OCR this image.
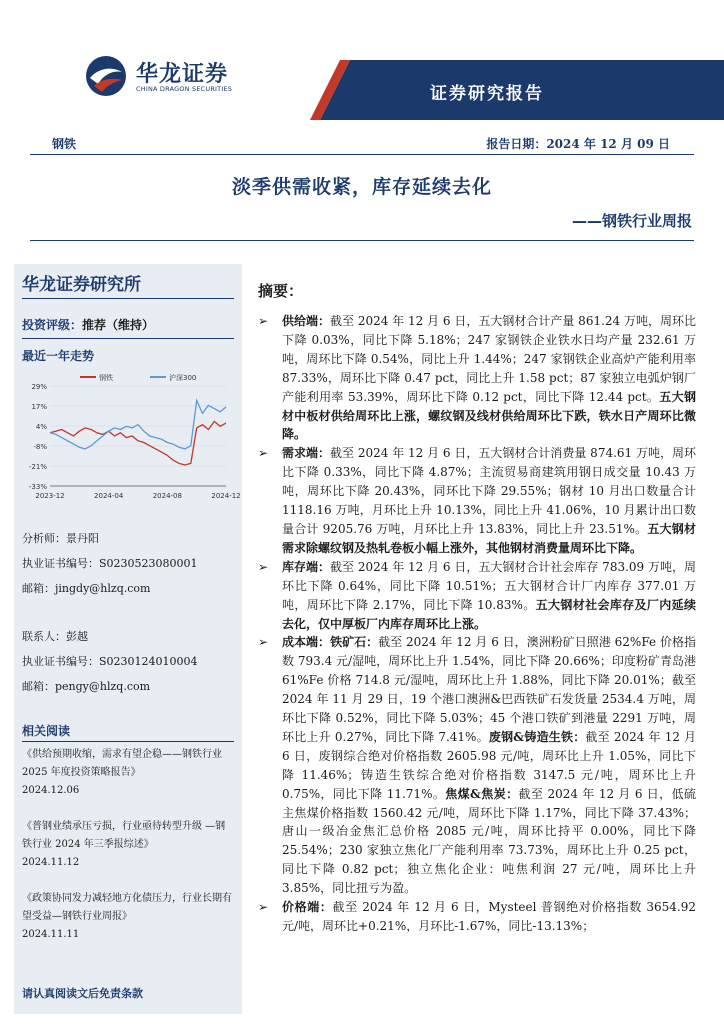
华龙证券
CHINA DRAGON SECURITIES	证券研究报告
钢铁	报告日期：2024 年 12 月 09 日
淡季供需收紧，库存延续去化
——钢铁行业周报
华龙证券研究所
投资评级：推荐（维持）
最近一年走势
29%
17%
4%
-8%
-21%
-33%
2023-12	2024-04	2024-08	2024-12
钢铁	沪深300
分析师：景丹阳
执业证书编号：S0230523080001
邮箱：jingdy@hlzq.com
联系人：彭越
执业证书编号：S0230124010004
邮箱：pengy@hlzq.com
相关阅读
《供给预期收缩，需求有望企稳——钢铁行业 2025 年度投资策略报告》
2024.12.06
《普钢业绩承压亏损，行业亟待转型升级 —钢铁行业 2024 年三季报综述》
2024.11.12
《政策协同发力减轻地方化债压力，行业长期有望受益—钢铁行业周报》
2024.11.11
请认真阅读文后免责条款
摘要：
➢ 供给端：截至 2024 年 12 月 6 日，五大钢材合计产量 861.24 万吨，周环比下降 0.03%，同比下降 5.18%；247 家钢铁企业铁水日均产量 232.61 万吨，周环比下降 0.54%，同比上升 1.44%；247 家钢铁企业高炉产能利用率 87.33%，周环比下降 0.47 pct，同比上升 1.58 pct；87 家独立电弧炉钢厂产能利用率 53.39%，周环比下降 0.12 pct，同比下降 12.44 pct。五大钢材中板材供给周环比上涨，螺纹钢及线材供给周环比下跌，铁水日产周环比微降。
➢ 需求端：截至 2024 年 12 月 6 日，五大钢材合计消费量 874.61 万吨，周环比下降 0.33%，同比下降 4.87%；主流贸易商建筑用钢日成交量 10.43 万吨，周环比下降 20.43%，同环比下降 29.55%；钢材 10 月出口数量合计 1118.16 万吨，月环比上升 10.13%，同比上升 41.06%，10 月累计出口数量合计 9205.76 万吨，月环比上升 13.83%，同比上升 23.51%。五大钢材需求除螺纹钢及热轧卷板小幅上涨外，其他钢材消费量周环比下降。
➢ 库存端：截至 2024 年 12 月 6 日，五大钢材合计社会库存 783.09 万吨，周环比下降 0.64%，同比下降 10.51%；五大钢材合计厂内库存 377.01 万吨，周环比下降 2.17%，同比下降 10.83%。五大钢材社会库存及厂内延续去化，仅中厚板厂内库存周环比上涨。
➢ 成本端：铁矿石：截至 2024 年 12 月 6 日，澳洲粉矿日照港 62%Fe 价格指数 793.4 元/湿吨，周环比上升 1.54%，同比下降 20.66%；印度粉矿青岛港 61%Fe 价格 714.8 元/湿吨，周环比上升 1.88%，同比下降 20.01%；截至 2024 年 11 月 29 日，19 个港口澳洲&巴西铁矿石发货量 2534.4 万吨，周环比下降 0.52%，同比下降 5.03%；45 个港口铁矿到港量 2291 万吨，周环比上升 0.27%，同比下降 7.41%。废钢&铸造生铁：截至 2024 年 12 月 6 日，废钢综合绝对价格指数 2605.98 元/吨，周环比上升 1.05%，同比下降 11.46%；铸造生铁综合绝对价格指数 3147.5 元/吨，周环比上升 0.75%，同比下降 11.71%。焦煤&焦炭：截至 2024 年 12 月 6 日，低硫主焦煤价格指数 1560.42 元/吨，周环比下降 1.17%，同比下降 37.43%；唐山一级冶金焦汇总价格 2085 元/吨，周环比持平 0.00%，同比下降 25.54%；230 家独立焦化厂产能利用率 73.73%，周环比上升 0.25 pct，同比下降 0.82 pct；独立焦化企业：吨焦利润 27 元/吨，周环比上升 3.85%，同比扭亏为盈。
➢ 价格端：截至 2024 年 12 月 6 日，Mysteel 普钢绝对价格指数 3654.92 元/吨，周环比+0.21%，月环比-1.67%，同比-13.13%；
